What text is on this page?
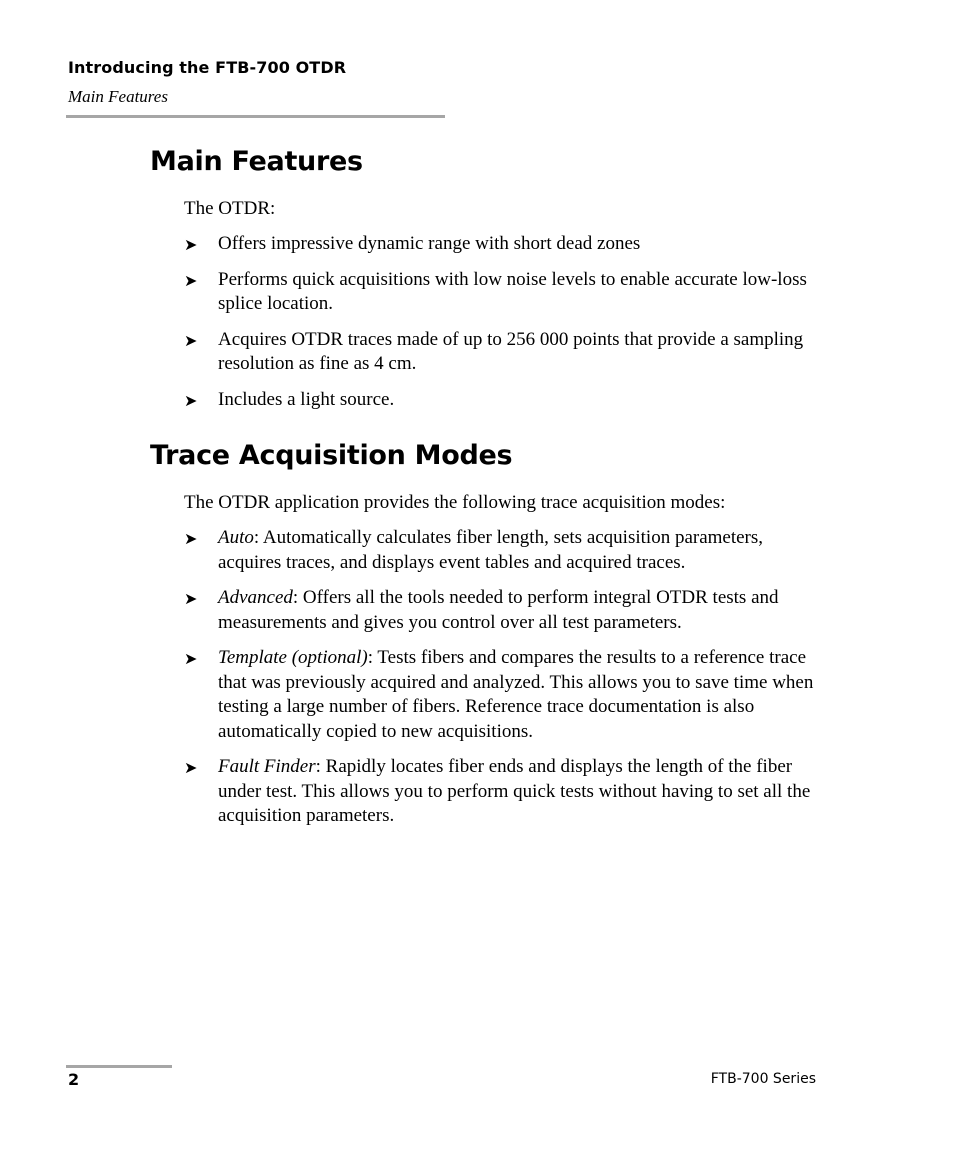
Introducing the FTB-700 OTDR
Main Features
Main Features

The OTDR:

➤ Offers impressive dynamic range with short dead zones
➤ Performs quick acquisitions with low noise levels to enable accurate low-loss splice location.
➤ Acquires OTDR traces made of up to 256 000 points that provide a sampling resolution as fine as 4 cm.
➤ Includes a light source.
Trace Acquisition Modes

The OTDR application provides the following trace acquisition modes:

➤ Auto: Automatically calculates fiber length, sets acquisition parameters, acquires traces, and displays event tables and acquired traces.
➤ Advanced: Offers all the tools needed to perform integral OTDR tests and measurements and gives you control over all test parameters.
➤ Template (optional): Tests fibers and compares the results to a reference trace that was previously acquired and analyzed. This allows you to save time when testing a large number of fibers. Reference trace documentation is also automatically copied to new acquisitions.
➤ Fault Finder: Rapidly locates fiber ends and displays the length of the fiber under test. This allows you to perform quick tests without having to set all the acquisition parameters.
2	FTB-700 Series
